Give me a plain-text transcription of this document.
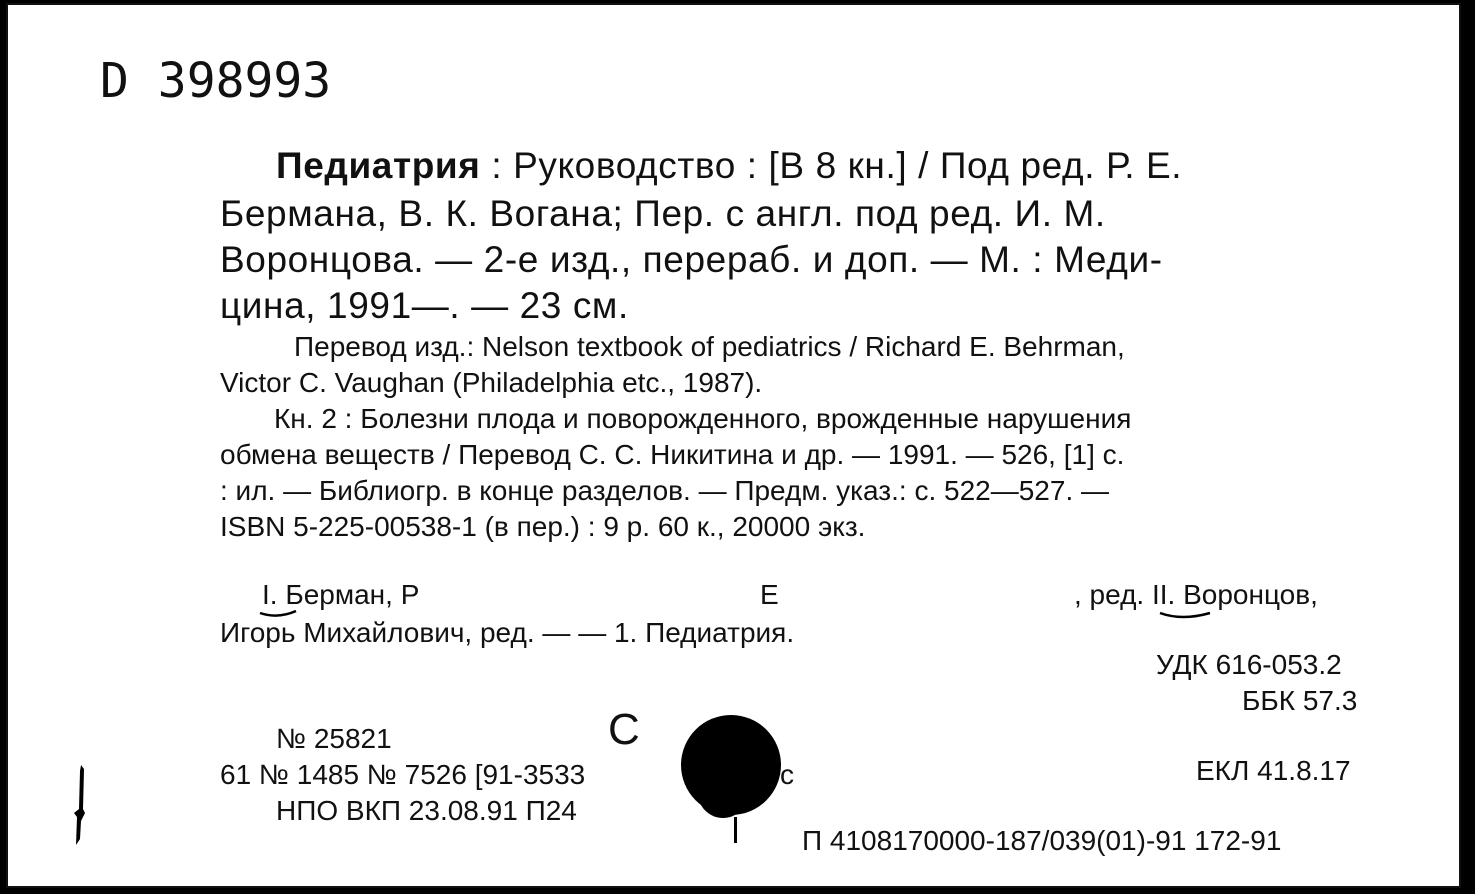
D 398993
Педиатрия : Руководство : [В 8 кн.] / Под ред. Р. Е.
Бермана, В. К. Вогана; Пер. с англ. под ред. И. М.
Воронцова. — 2-е изд., перераб. и доп. — М. : Меди-
цина, 1991—. — 23 см.
Перевод изд.: Nelson textbook of pediatrics / Richard E. Behrman,
Victor C. Vaughan (Philadelphia etc., 1987).
Кн. 2 : Болезни плода и поворожденного, врожденные нарушения
обмена веществ / Перевод С. С. Никитина и др. — 1991. — 526, [1] с.
: ил. — Библиогр. в конце разделов. — Предм. указ.: с. 522—527. —
ISBN 5-225-00538-1 (в пер.) : 9 р. 60 к., 20000 экз.
I. Берман, Р	Е	, ред. II. Воронцов,
Игорь Михайлович, ред. — — 1. Педиатрия.
УДК 616-053.2
ББК 57.3
ЕКЛ 41.8.17
С
№ 25821
61 № 1485 № 7526 [91-3533	с
НПО ВКП 23.08.91 П24
П 4108170000-187/039(01)-91 172-91
